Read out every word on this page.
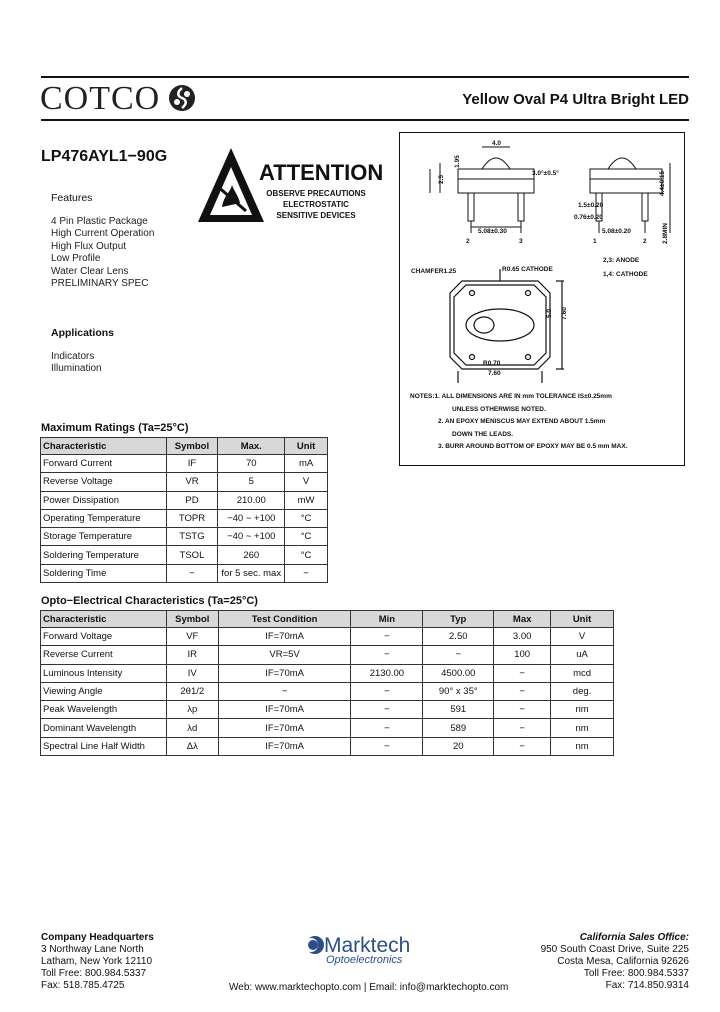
COTCO	Yellow Oval P4 Ultra Bright LED
LP476AYL1−90G
ATTENTION
OBSERVE PRECAUTIONS
ELECTROSTATIC
SENSITIVE DEVICES
Features
4 Pin Plastic Package
High Current Operation
High Flux Output
Low Profile
Water Clear Lens
PRELIMINARY SPEC
Applications
Indicators
Illumination
4.0
1.95
2.5
3.0°±0.5°	4.4±0.15
5.08±0.30
1.5±0.20
0.76±0.20
5.08±0.20	2.8MIN
2	3	1	2
2,3: ANODE
1,4: CATHODE
CHAMFER1.25	R0.65 CATHODE
5.0 7.60
R0.70
7.60
NOTES:1. ALL DIMENSIONS ARE IN mm TOLERANCE IS±0.25mm
UNLESS OTHERWISE NOTED.
2. AN EPOXY MENISCUS MAY EXTEND ABOUT 1.5mm
DOWN THE LEADS.
3. BURR AROUND BOTTOM OF EPOXY MAY BE 0.5 mm MAX.
Maximum Ratings (Ta=25°C)
Characteristic	Symbol	Max.	Unit
Forward Current	IF	70	mA
Reverse Voltage	VR	5	V
Power Dissipation	PD	210.00	mW
Operating Temperature	TOPR	−40 ~ +100	°C
Storage Temperature	TSTG	−40 ~ +100	°C
Soldering Temperature	TSOL	260	°C
Soldering Time	−	for 5 sec. max	−
Opto−Electrical Characteristics (Ta=25°C)
Characteristic	Symbol	Test Condition	Min	Typ	Max	Unit
Forward Voltage	VF	IF=70mA	−	2.50	3.00	V
Reverse Current	IR	VR=5V	−	−	100	uA
Luminous Intensity	IV	IF=70mA	2130.00	4500.00	−	mcd
Viewing Angle	2θ1/2	−	−	90° x 35°	−	deg.
Peak Wavelength	λp	IF=70mA	−	591	−	nm
Dominant Wavelength	λd	IF=70mA	−	589	−	nm
Spectral Line Half Width	Δλ	IF=70mA	−	20	−	nm
Company Headquarters
3 Northway Lane North
Latham, New York 12110
Toll Free: 800.984.5337
Fax: 518.785.4725
Marktech
Optoelectronics
Web: www.marktechopto.com | Email: info@marktechopto.com
California Sales Office:
950 South Coast Drive, Suite 225
Costa Mesa, California 92626
Toll Free: 800.984.5337
Fax: 714.850.9314
